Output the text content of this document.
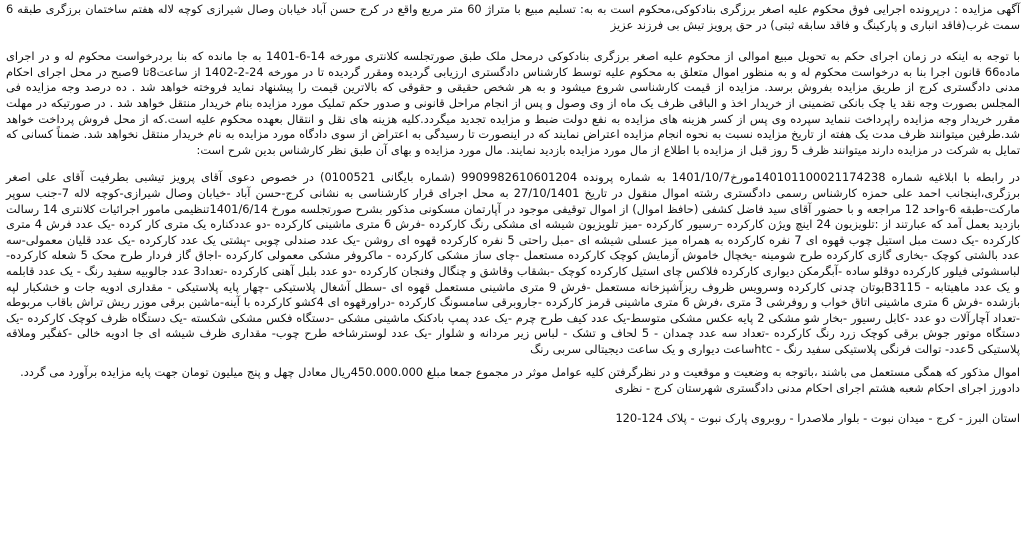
آگهی مزایده : درپرونده اجرایی فوق محکوم علیه اصغر برزگری بنادکوکی،محکوم است به به: تسلیم مبیع با متراژ 60 متر مربع واقع در کرج حسن آباد خیابان وصال شیرازی کوچه لاله هفتم ساختمان برزگری طبقه 6 سمت غرب(فاقد انباری و پارکینگ و فاقد سابقه ثبتی) در حق پرویز تیش بی فرزند عزیز

با توجه به اینکه در زمان اجرای حکم به تحویل مبیع اموالی از محکوم علیه اصغر برزگری بنادکوکی درمحل ملک طبق صورتجلسه کلانتری مورخه 14-6-1401 به جا مانده که بنا بردرخواست محکوم له و در اجرای ماده66 قانون اجرا بنا به درخواست محکوم له و به منظور اموال متعلق به محکوم علیه توسط کارشناس دادگستری ارزیابی گردیده ومقرر گردیده تا در مورخه 24-2-1402 از ساعت8تا 9صبح در محل اجرای احکام مدنی دادگستری کرج از طریق مزایده بفروش برسد. مزایده از قیمت کارشناسی شروع میشود و به هر شخص حقیقی و حقوقی که بالاترین قیمت را پیشنهاد نماید فروخته خواهد شد . ده درصد وجه مزایده فی المجلس بصورت وجه نقد یا چک بانکی تضمینی از خریدار اخذ و الباقی ظرف یک ماه از وی وصول و پس از انجام مراحل قانونی و صدور حکم تملیک مورد مزایده بنام خریدار منتقل خواهد شد . در صورتیکه در مهلت مقرر خریدار وجه مزایده راپرداخت ننماید سپرده وی پس از کسر هزینه های مزایده به نفع دولت ضبط و مزایده تجدید میگردد.کلیه هزینه های نقل و انتقال بعهده محکوم علیه است.که از محل فروش پرداخت خواهد شد.طرفین میتوانند ظرف مدت یک هفته از تاریخ مزایده نسبت به نحوه انجام مزایده اعتراض نمایند که در اینصورت تا رسیدگی به اعتراض از سوی دادگاه مورد مزایده به نام خریدار منتقل نخواهد شد. ضمناً کسانی که تمایل به شرکت در مزایده دارند میتوانند ظرف 5 روز قبل از مزایده با اطلاع از مال مورد مزایده بازدید نمایند. مال مورد مزایده و بهای آن طبق نظر کارشناس بدین شرح است:

در رابطه با ابلاغیه شماره 140101100021174238مورخ1401/10/7 به شماره پرونده 9909982610601204 (شماره بایگانی 0100521) در خصوص دعوی آقای پرویز تیشبی بطرفیت آقای علی اصغر برزگری،اینجانب احمد علی حمزه کارشناس رسمی دادگستری رشته اموال منقول در تاریخ 27/10/1401 به محل اجرای قرار کارشناسی به نشانی کرج-حسن آباد -خیابان وصال شیرازی-کوچه لاله 7-جنب سوپر مارکت-طبقه 6-واحد 12 مراجعه و با حضور آقای سید فاضل کشفی (حافظ اموال) از اموال توقیفی موجود در آپارتمان مسکونی مذکور بشرح صورتجلسه مورخ 1401/6/14تنظیمی مامور اجرائیات کلانتری 14 رسالت بازدید بعمل آمد که عبارتند از :تلویزیون 24 اینچ ویژن کارکرده –رسیور کارکرده -میز تلویزیون شیشه ای مشکی رنگ کارکرده -فرش 6 متری ماشینی کارکرده -دو عددکناره یک متری کار کرده -یک عدد فرش 4 متری کارکرده -یک دست مبل استیل چوب قهوه ای 7 نفره کارکرده به همراه میز عسلی شیشه ای -مبل راحتی 5 نفره کارکرده قهوه ای روشن -یک عدد صندلی چوبی -پشتی یک عدد کارکرده -یک عدد قلیان معمولی-سه عدد بالشتی کوچک -بخاری گازی کارکرده طرح شومینه -یخچال خاموش آزمایش کوچک کارکرده مستعمل -چای ساز مشکی کارکرده - ماکروفر مشکی معمولی کارکرده -اجاق گاز فردار طرح محک 5 شعله کارکرده-لباسشوئی فیلور کارکرده دوقلو ساده -آبگرمکن دیواری کارکرده فلاکس چای استیل کارکرده کوچک -بشقاب وقاشق و چنگال وفنجان کارکرده -دو عدد بلبل آهنی کارکرده -تعداد3 عدد جالوبیه سفید رنگ - یک عدد قابلمه و یک عدد ماهیتابه - B3115بوتان چدنی کارکرده وسرویس ظروف ریزآشپزخانه مستعمل -فرش 9 متری ماشینی مستعمل قهوه ای -سطل آشغال پلاستیکی -چهار پایه پلاستیکی - مقداری ادویه جات و خشکبار لپه بازشده -فرش 6 متری ماشینی اتاق خواب و روفرشی 3 متری ،فرش 6 متری ماشینی قرمز کارکرده -جاروبرقی سامسونگ کارکرده -دراورقهوه ای 4کشو کارکرده با آینه-ماشین برقی موزر ریش تراش باقاب مربوطه -تعداد آچارآلات دو عدد -کابل رسیور -بخار شو مشکی 2 پایه عکس مشکی متوسط-یک عدد کیف طرح چرم -یک عدد پمپ بادکنک ماشینی مشکی -دستگاه فکس مشکی شکسته -یک دستگاه ظرف کوچک کارکرده -یک دستگاه موتور جوش برقی کوچک زرد رنگ کارکرده -تعداد سه عدد چمدان - 5 لحاف و تشک - لباس زیر مردانه و شلوار -یک عدد لوسترشاخه طرح چوب- مقداری ظرف شیشه ای جا ادویه خالی -کفگیر وملاقه پلاستیکی 5عدد- توالت فرنگی پلاستیکی سفید رنگ - htcساعت دیواری و یک ساعت دیجیتالی سربی رنگ

اموال مذکور که همگی مستعمل می باشند ،باتوجه به وضعیت و موقعیت و در نظرگرفتن کلیه عوامل موثر در مجموع جمعا مبلغ 450.000.000ریال معادل چهل و پنج میلیون تومان جهت پایه مزایده برآورد می گردد.

دادورز اجرای احکام شعبه هشتم اجرای احکام مدنی دادگستری شهرستان کرج - نظری
استان البرز - کرج - میدان نبوت - بلوار ملاصدرا - روبروی پارک نبوت - پلاک 124-120
